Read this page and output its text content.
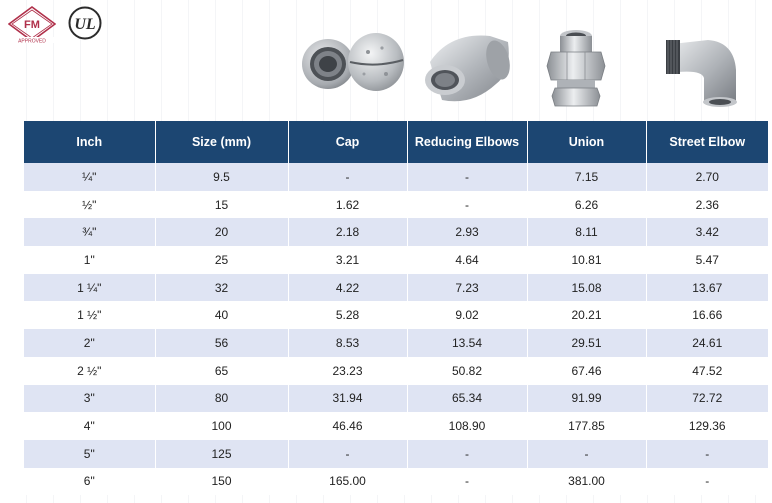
FM
APPROVED
UL
Inch	Size (mm)	Cap	Reducing Elbows	Union	Street Elbow
¼"	9.5	-	-	7.15	2.70
½"	15	1.62	-	6.26	2.36
¾"	20	2.18	2.93	8.11	3.42
1"	25	3.21	4.64	10.81	5.47
1 ¼"	32	4.22	7.23	15.08	13.67
1 ½"	40	5.28	9.02	20.21	16.66
2"	56	8.53	13.54	29.51	24.61
2 ½"	65	23.23	50.82	67.46	47.52
3"	80	31.94	65.34	91.99	72.72
4"	100	46.46	108.90	177.85	129.36
5"	125	-	-	-	-
6"	150	165.00	-	381.00	-
